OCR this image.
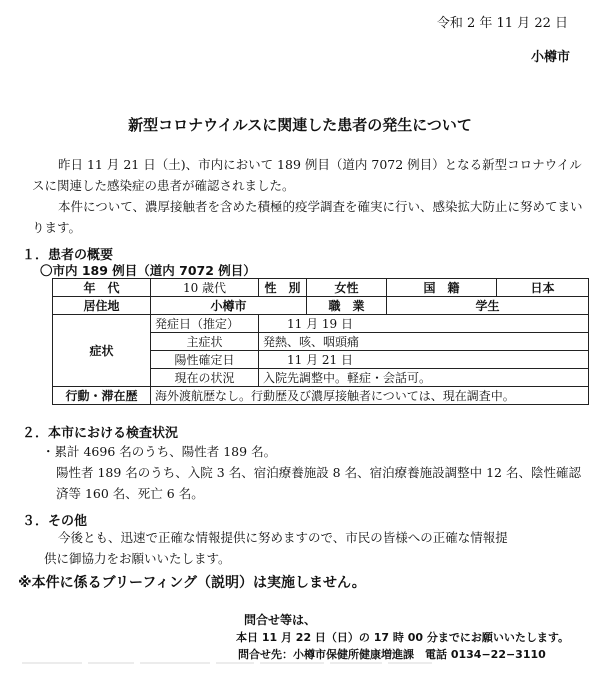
令和 2 年 11 月 22 日
小樽市
新型コロナウイルスに関連した患者の発生について
昨日 11 月 21 日（土)、市内において 189 例目（道内 7072 例目）となる新型コロナウイルスに関連した感染症の患者が確認されました。
本件について、濃厚接触者を含めた積極的疫学調査を確実に行い、感染拡大防止に努めてまいります。
１．患者の概要
〇市内 189 例目（道内 7072 例目）
年　代	10 歳代	性　別	女性	国　籍	日本
居住地	小樽市		職　業	学生	
症状	発症日（推定）	11 月 19 日			
	主症状	発熱、咳、咽頭痛			
	陽性確定日	11 月 21 日			
	現在の状況	入院先調整中。軽症・会話可。			
行動・滞在歴	海外渡航歴なし。行動歴及び濃厚接触者については、現在調査中。				
２．本市における検査状況
・累計 4696 名のうち、陽性者 189 名。
陽性者 189 名のうち、入院 3 名、宿泊療養施設 8 名、宿泊療養施設調整中 12 名、陰性確認済等 160 名、死亡 6 名。
３．その他
今後とも、迅速で正確な情報提供に努めますので、市民の皆様への正確な情報提供に御協力をお願いいたします。
※本件に係るブリーフィング（説明）は実施しません。
問合せ等は、
本日 11 月 22 日（日）の 17 時 00 分までにお願いいたします。
問合せ先：小樽市保健所健康増進課　電話 0134−22−3110
